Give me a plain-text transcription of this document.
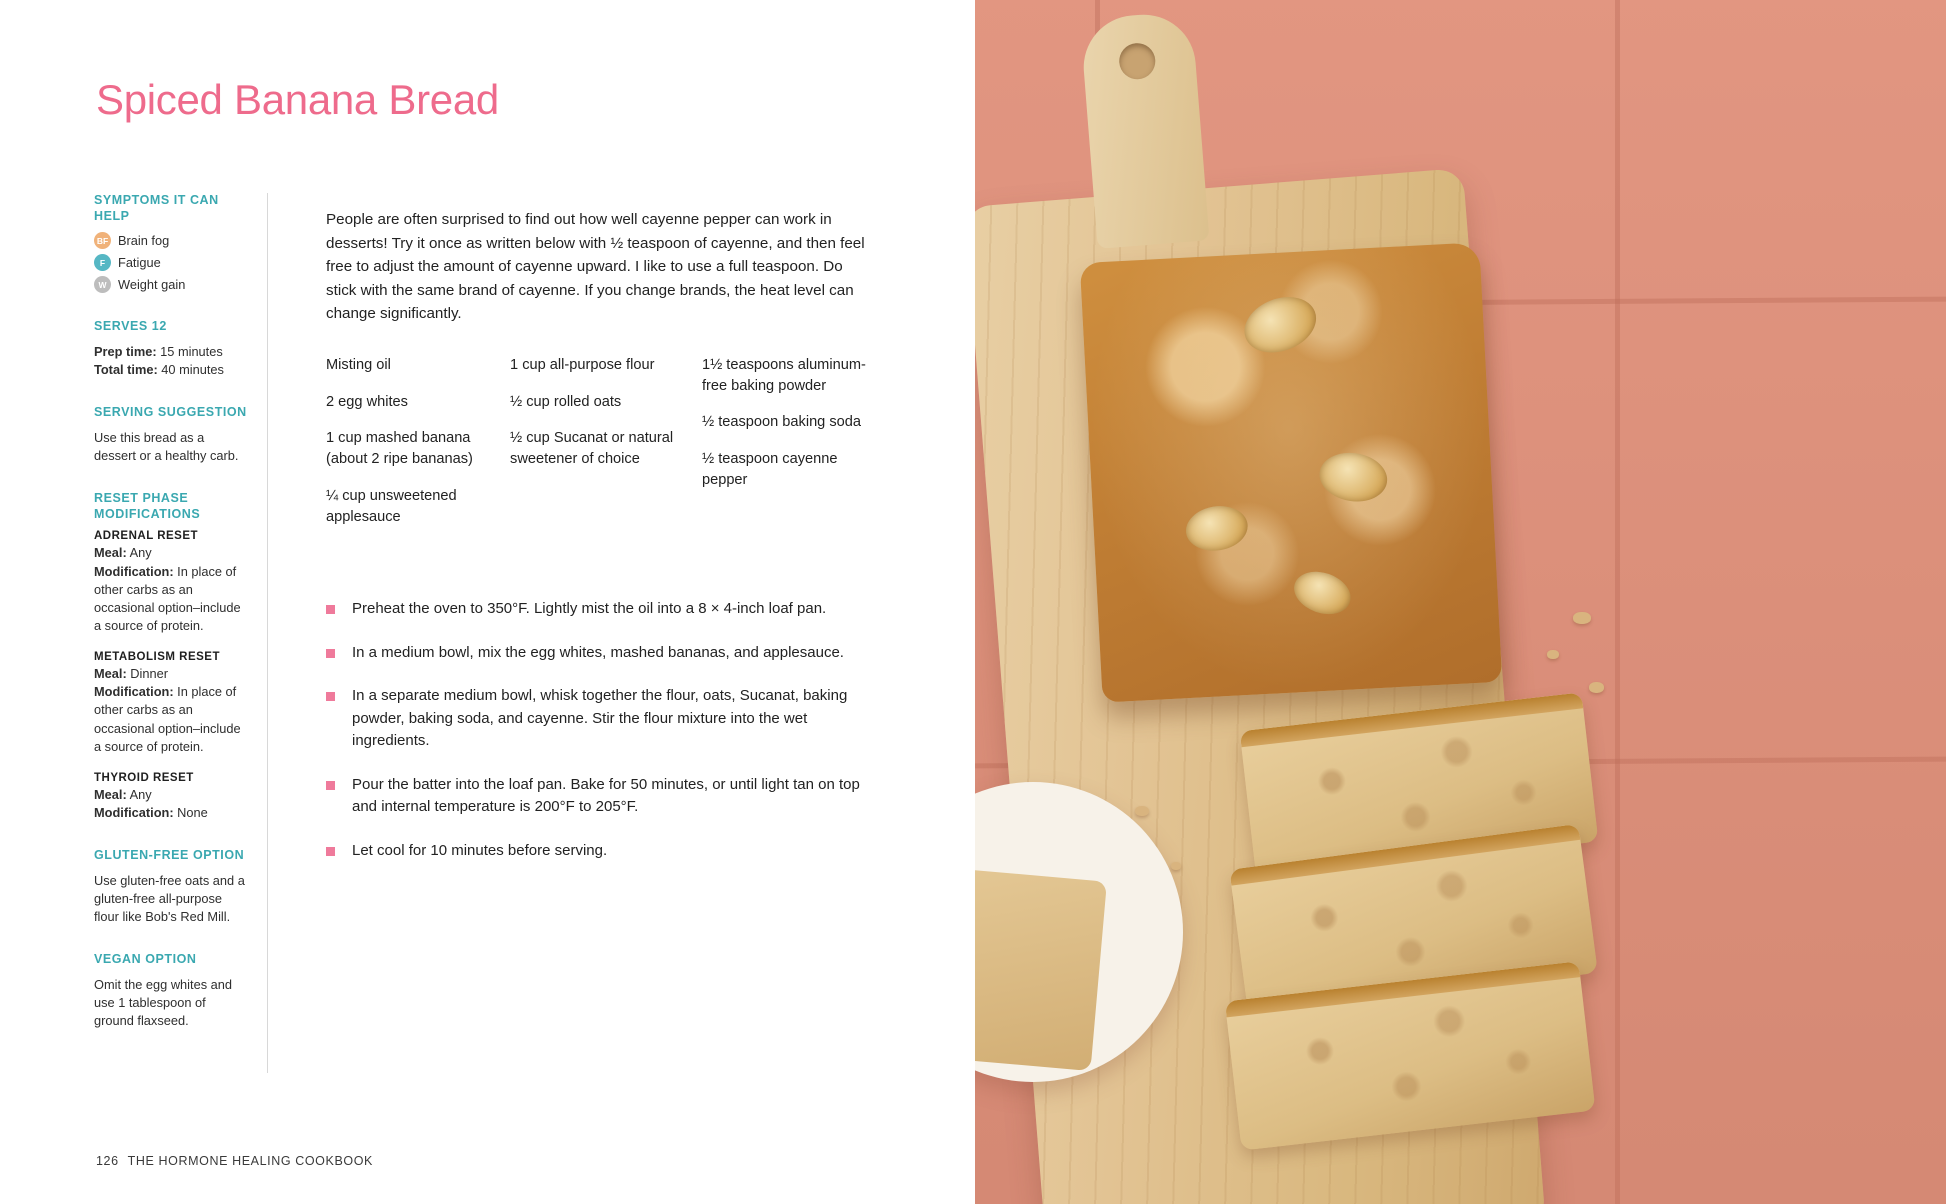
Spiced Banana Bread
SYMPTOMS IT CAN HELP
BF Brain fog
F	Fatigue
W Weight gain
SERVES 12

Prep time: 15 minutes

Total time: 40 minutes

SERVING SUGGESTION

Use this bread as a dessert or a healthy carb.

RESET PHASE MODIFICATIONS
ADRENAL RESET

Meal: Any

Modification: In place of other carbs as an occasional option–include a source of protein.

METABOLISM RESET

Meal: Dinner

Modification: In place of other carbs as an occasional option–include a source of protein.

THYROID RESET

Meal: Any

Modification: None

GLUTEN-FREE OPTION

Use gluten-free oats and a gluten-free all-purpose flour like Bob's Red Mill.

VEGAN OPTION

Omit the egg whites and use 1 tablespoon of ground flaxseed.

People are often surprised to find out how well cayenne pepper can work in desserts! Try it once as written below with ½ teaspoon of cayenne, and then feel free to adjust the amount of cayenne upward. I like to use a full teaspoon. Do stick with the same brand of cayenne. If you change brands, the heat level can change significantly.

Misting oil
2 egg whites
1 cup mashed banana (about 2 ripe bananas)
¼ cup unsweetened applesauce
1 cup all-purpose flour
½ cup rolled oats
½ cup Sucanat or natural sweetener of choice
1½ teaspoons aluminum-free baking powder
½ teaspoon baking soda
½ teaspoon cayenne pepper
Preheat the oven to 350°F. Lightly mist the oil into a 8 × 4-inch loaf pan.
In a medium bowl, mix the egg whites, mashed bananas, and applesauce.
In a separate medium bowl, whisk together the flour, oats, Sucanat, baking powder, baking soda, and cayenne. Stir the flour mixture into the wet ingredients.
Pour the batter into the loaf pan. Bake for 50 minutes, or until light tan on top and internal temperature is 200°F to 205°F.
Let cool for 10 minutes before serving.
126 THE HORMONE HEALING COOKBOOK
